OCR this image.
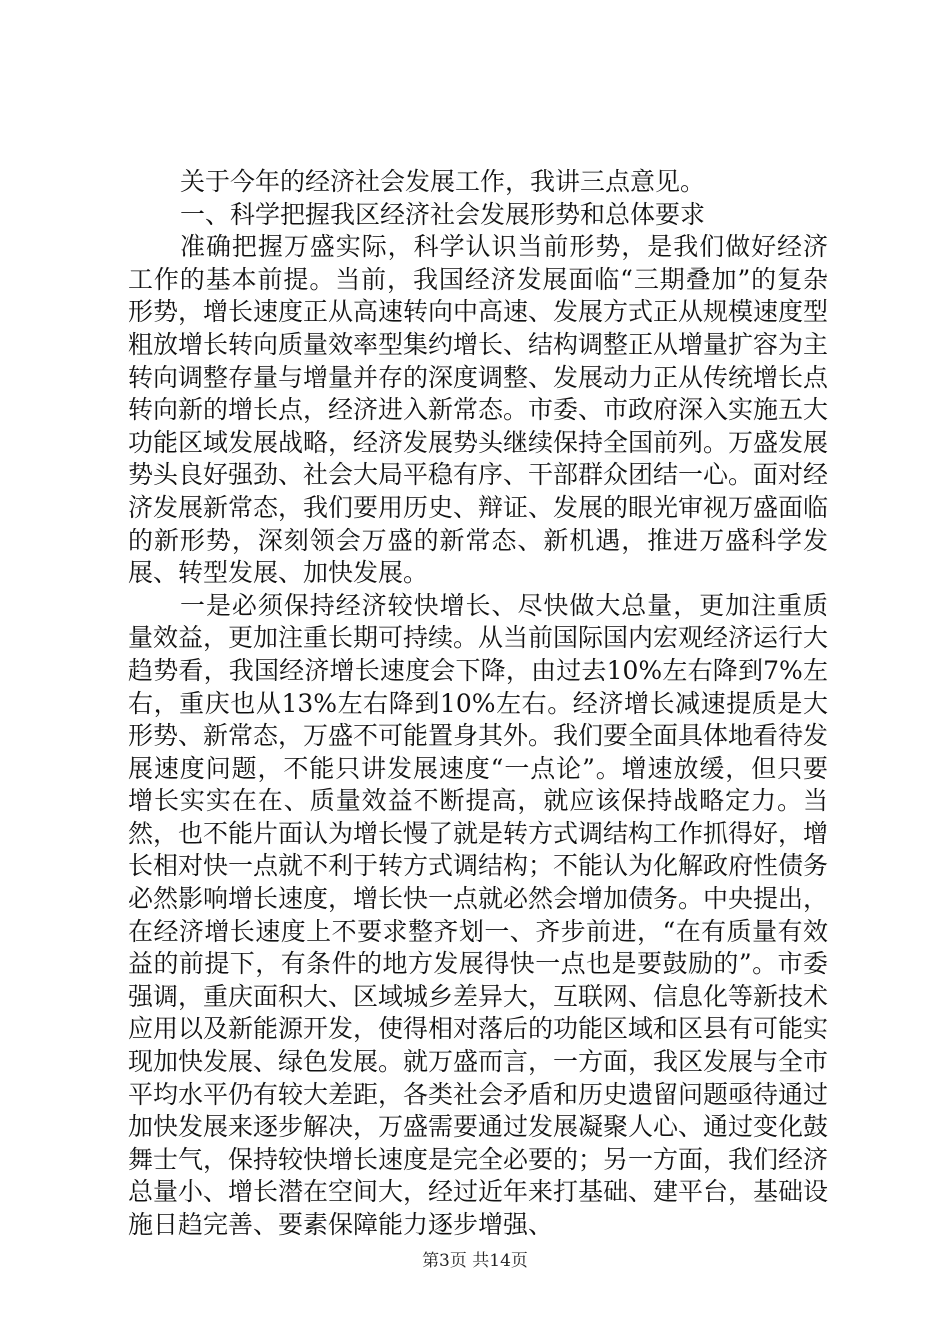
关于今年的经济社会发展工作，我讲三点意见。

一、科学把握我区经济社会发展形势和总体要求

准确把握万盛实际，科学认识当前形势，是我们做好经济工作的基本前提。当前，我国经济发展面临“三期叠加”的复杂形势，增长速度正从高速转向中高速、发展方式正从规模速度型粗放增长转向质量效率型集约增长、结构调整正从增量扩容为主转向调整存量与增量并存的深度调整、发展动力正从传统增长点转向新的增长点，经济进入新常态。市委、市政府深入实施五大功能区域发展战略，经济发展势头继续保持全国前列。万盛发展势头良好强劲、社会大局平稳有序、干部群众团结一心。面对经济发展新常态，我们要用历史、辩证、发展的眼光审视万盛面临的新形势，深刻领会万盛的新常态、新机遇，推进万盛科学发展、转型发展、加快发展。

一是必须保持经济较快增长、尽快做大总量，更加注重质量效益，更加注重长期可持续。从当前国际国内宏观经济运行大趋势看，我国经济增长速度会下降，由过去10%左右降到7%左右，重庆也从13%左右降到10%左右。经济增长减速提质是大形势、新常态，万盛不可能置身其外。我们要全面具体地看待发展速度问题，不能只讲发展速度“一点论”。增速放缓，但只要增长实实在在、质量效益不断提高，就应该保持战略定力。当然，也不能片面认为增长慢了就是转方式调结构工作抓得好，增长相对快一点就不利于转方式调结构；不能认为化解政府性债务必然影响增长速度，增长快一点就必然会增加债务。中央提出，在经济增长速度上不要求整齐划一、齐步前进，“在有质量有效益的前提下，有条件的地方发展得快一点也是要鼓励的”。市委强调，重庆面积大、区域城乡差异大，互联网、信息化等新技术应用以及新能源开发，使得相对落后的功能区域和区县有可能实现加快发展、绿色发展。就万盛而言，一方面，我区发展与全市平均水平仍有较大差距，各类社会矛盾和历史遗留问题亟待通过加快发展来逐步解决，万盛需要通过发展凝聚人心、通过变化鼓舞士气，保持较快增长速度是完全必要的；另一方面，我们经济总量小、增长潜在空间大，经过近年来打基础、建平台，基础设施日趋完善、要素保障能力逐步增强、

第3页 共14页
